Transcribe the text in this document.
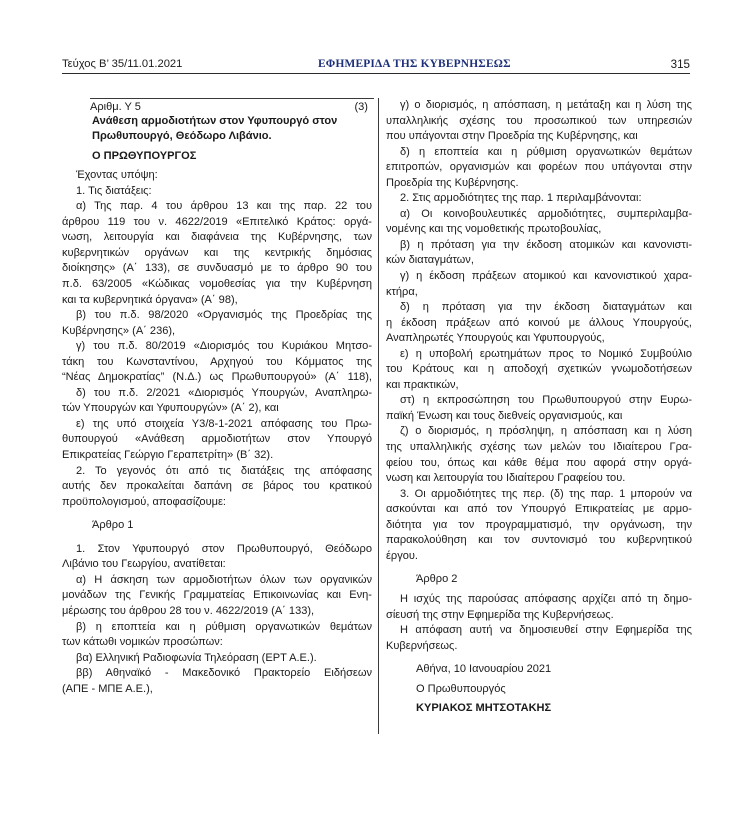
Τεύχος Β’ 35/11.01.2021	ΕΦΗΜΕΡΙΔΑ ΤΗΣ ΚΥΒΕΡΝΗΣΕΩΣ	315
Αριθμ. Υ 5	(3)
Ανάθεση αρμοδιοτήτων στον Υφυπουργό στον
Πρωθυπουργό, Θεόδωρο Λιβάνιο.
Ο ΠΡΩΘΥΠΟΥΡΓΟΣ
Έχοντας υπόψη:
1. Τις διατάξεις:
α) Της παρ. 4 του άρθρου 13 και της παρ. 22 του
άρθρου 119 του ν. 4622/2019 «Επιτελικό Κράτος: οργά-
νωση, λειτουργία και διαφάνεια της Κυβέρνησης, των
κυβερνητικών οργάνων και της κεντρικής δημόσιας
διοίκησης» (Α΄ 133), σε συνδυασμό με το άρθρο 90 του
π.δ. 63/2005 «Κώδικας νομοθεσίας για την Κυβέρνηση
και τα κυβερνητικά όργανα» (Α΄ 98),
β) του π.δ. 98/2020 «Οργανισμός της Προεδρίας της
Κυβέρνησης» (Α΄ 236),
γ) του π.δ. 80/2019 «Διορισμός του Κυριάκου Μητσο-
τάκη του Κωνσταντίνου, Αρχηγού του Κόμματος της
“Νέας Δημοκρατίας” (Ν.Δ.) ως Πρωθυπουργού» (Α΄ 118),
δ) του π.δ. 2/2021 «Διορισμός Υπουργών, Αναπληρω-
τών Υπουργών και Υφυπουργών» (Α΄ 2), και
ε) της υπό στοιχεία Υ3/8-1-2021 απόφασης του Πρω-
θυπουργού «Ανάθεση αρμοδιοτήτων στον Υπουργό
Επικρατείας Γεώργιο Γεραπετρίτη» (Β΄ 32).
2. Το γεγονός ότι από τις διατάξεις της απόφασης
αυτής δεν προκαλείται δαπάνη σε βάρος του κρατικού
προϋπολογισμού, αποφασίζουμε:
Άρθρο 1
1. Στον Υφυπουργό στον Πρωθυπουργό, Θεόδωρο
Λιβάνιο του Γεωργίου, ανατίθεται:
α) Η άσκηση των αρμοδιοτήτων όλων των οργανικών
μονάδων της Γενικής Γραμματείας Επικοινωνίας και Ενη-
μέρωσης του άρθρου 28 του ν. 4622/2019 (Α΄ 133),
β) η εποπτεία και η ρύθμιση οργανωτικών θεμάτων
των κάτωθι νομικών προσώπων:
βα) Ελληνική Ραδιοφωνία Τηλεόραση (ΕΡΤ Α.Ε.).
ββ) Αθηναϊκό - Μακεδονικό Πρακτορείο Ειδήσεων
(ΑΠΕ - ΜΠΕ Α.Ε.),
γ) ο διορισμός, η απόσπαση, η μετάταξη και η λύση της
υπαλληλικής σχέσης του προσωπικού των υπηρεσιών
που υπάγονται στην Προεδρία της Κυβέρνησης, και
δ) η εποπτεία και η ρύθμιση οργανωτικών θεμάτων
επιτροπών, οργανισμών και φορέων που υπάγονται στην
Προεδρία της Κυβέρνησης.
2. Στις αρμοδιότητες της παρ. 1 περιλαμβάνονται:
α) Οι κοινοβουλευτικές αρμοδιότητες, συμπεριλαμβα-
νομένης και της νομοθετικής πρωτοβουλίας,
β) η πρόταση για την έκδοση ατομικών και κανονιστι-
κών διαταγμάτων,
γ) η έκδοση πράξεων ατομικού και κανονιστικού χαρα-
κτήρα,
δ) η πρόταση για την έκδοση διαταγμάτων και
η έκδοση πράξεων από κοινού με άλλους Υπουργούς,
Αναπληρωτές Υπουργούς και Υφυπουργούς,
ε) η υποβολή ερωτημάτων προς το Νομικό Συμβούλιο
του Κράτους και η αποδοχή σχετικών γνωμοδοτήσεων
και πρακτικών,
στ) η εκπροσώπηση του Πρωθυπουργού στην Ευρω-
παϊκή Ένωση και τους διεθνείς οργανισμούς, και
ζ) ο διορισμός, η πρόσληψη, η απόσπαση και η λύση
της υπαλληλικής σχέσης των μελών του Ιδιαίτερου Γρα-
φείου του, όπως και κάθε θέμα που αφορά στην οργά-
νωση και λειτουργία του Ιδιαίτερου Γραφείου του.
3. Οι αρμοδιότητες της περ. (δ) της παρ. 1 μπορούν να
ασκούνται και από τον Υπουργό Επικρατείας με αρμο-
διότητα για τον προγραμματισμό, την οργάνωση, την
παρακολούθηση και τον συντονισμό του κυβερνητικού
έργου.
Άρθρο 2
Η ισχύς της παρούσας απόφασης αρχίζει από τη δημο-
σίευσή της στην Εφημερίδα της Κυβερνήσεως.
Η απόφαση αυτή να δημοσιευθεί στην Εφημερίδα της
Κυβερνήσεως.
Αθήνα, 10 Ιανουαρίου 2021
Ο Πρωθυπουργός
ΚΥΡΙΑΚΟΣ ΜΗΤΣΟΤΑΚΗΣ
